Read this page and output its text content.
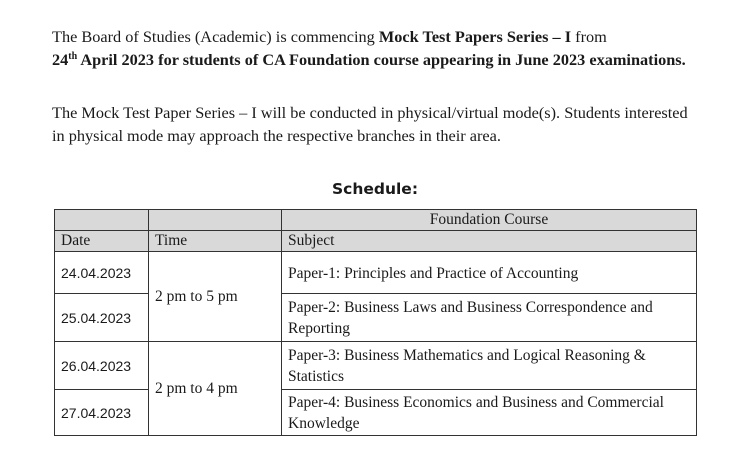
The Board of Studies (Academic) is commencing Mock Test Papers Series – I from
24th April 2023 for students of CA Foundation course appearing in June 2023 examinations.

The Mock Test Paper Series – I will be conducted in physical/virtual mode(s). Students interested in physical mode may approach the respective branches in their area.

Schedule:
		Foundation Course
Date	Time	Subject
24.04.2023	2 pm to 5 pm	Paper-1: Principles and Practice of Accounting
25.04.2023		Paper-2: Business Laws and Business Correspondence and Reporting
26.04.2023	2 pm to 4 pm	Paper-3: Business Mathematics and Logical Reasoning & Statistics
27.04.2023		Paper-4: Business Economics and Business and Commercial Knowledge
